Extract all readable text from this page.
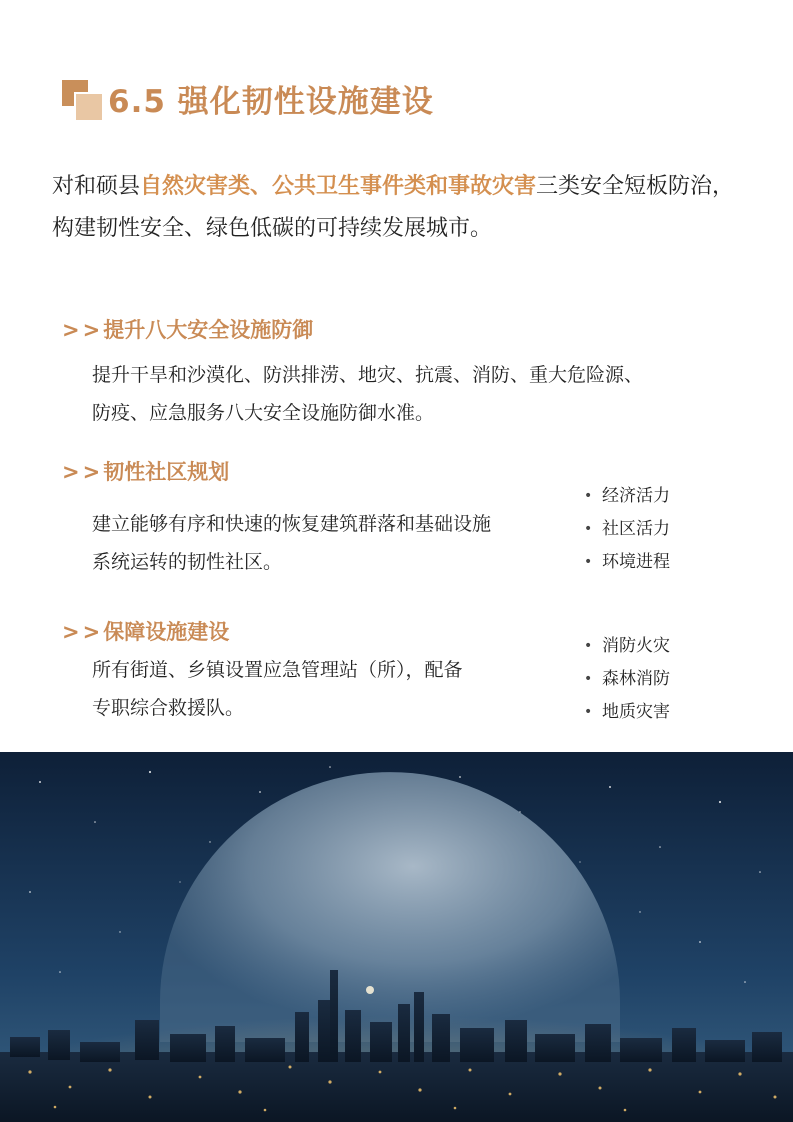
6.5 强化韧性设施建设
对和硕县自然灾害类、公共卫生事件类和事故灾害三类安全短板防治，构建韧性安全、绿色低碳的可持续发展城市。
>>提升八大安全设施防御
提升干旱和沙漠化、防洪排涝、地灾、抗震、消防、重大危险源、
防疫、应急服务八大安全设施防御水准。
>>韧性社区规划
建立能够有序和快速的恢复建筑群落和基础设施
系统运转的韧性社区。
• 经济活力
• 社区活力
• 环境进程
>>保障设施建设
所有街道、乡镇设置应急管理站（所），配备
专职综合救援队。
• 消防火灾
• 森林消防
• 地质灾害
